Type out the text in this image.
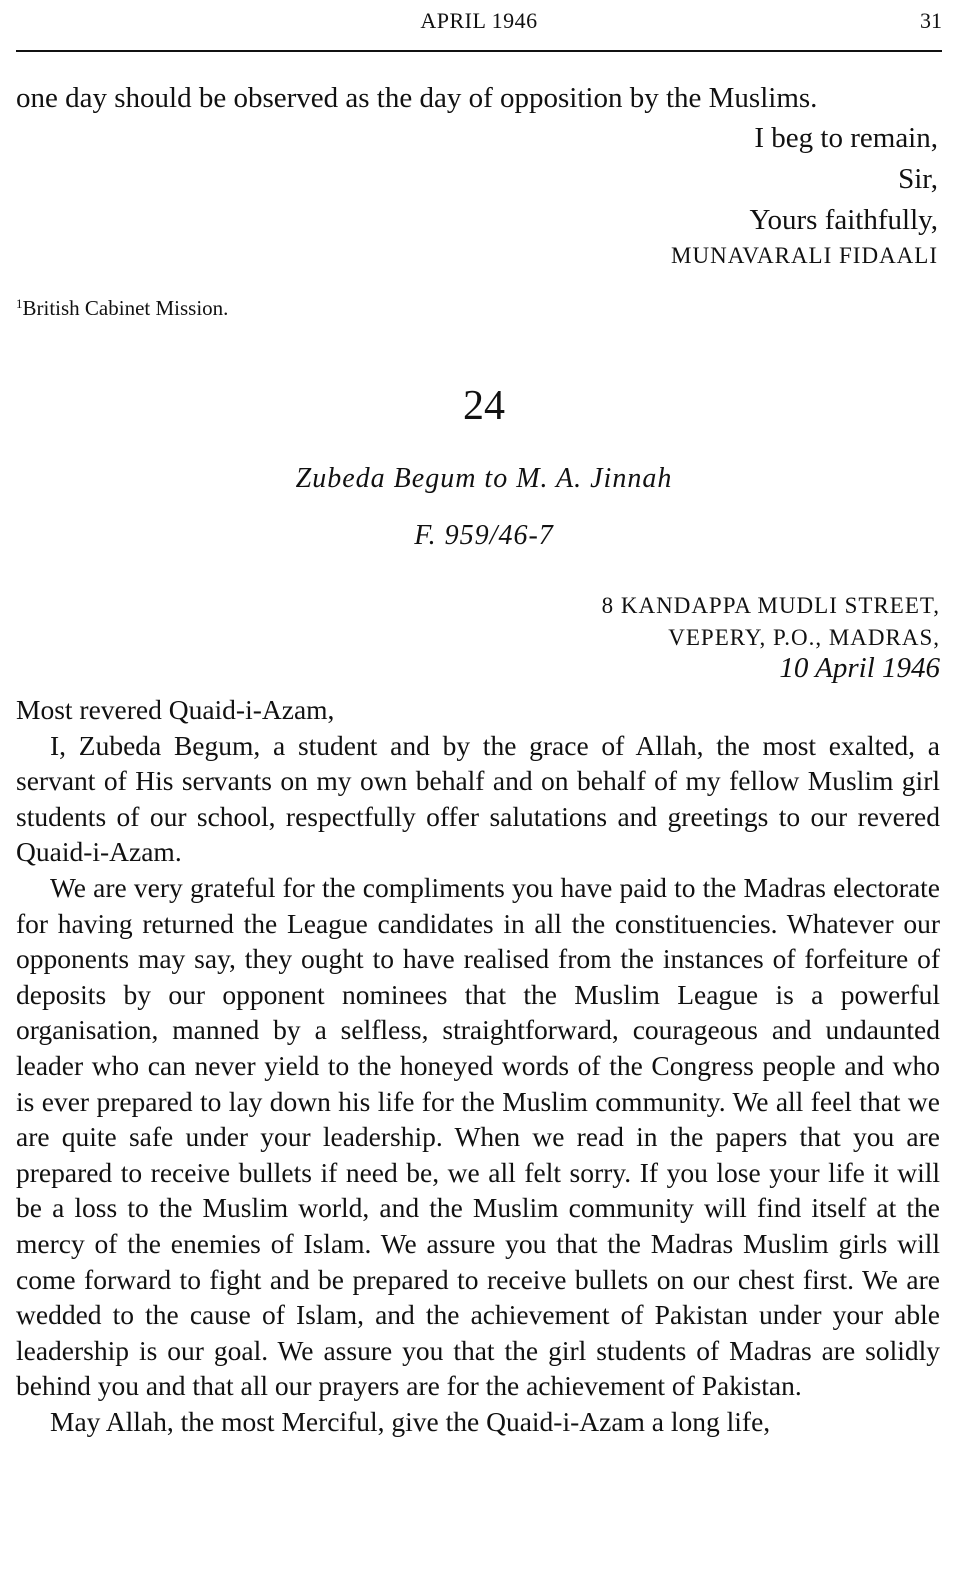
APRIL 1946	31
one day should be observed as the day of opposition by the Muslims.
I beg to remain,
Sir,
Yours faithfully,
MUNAVARALI FIDAALI
$^1$British Cabinet Mission.
24
Zubeda Begum to M. A. Jinnah
F. 959/46-7
8 KANDAPPA MUDLI STREET,
VEPERY, P.O., MADRAS,
10 April 1946

Most revered Quaid-i-Azam,

I, Zubeda Begum, a student and by the grace of Allah, the most exalted, a servant of His servants on my own behalf and on behalf of my fellow Muslim girl students of our school, respectfully offer salutations and greetings to our revered Quaid-i-Azam.

We are very grateful for the compliments you have paid to the Madras electorate for having returned the League candidates in all the constituencies. Whatever our opponents may say, they ought to have realised from the instances of forfeiture of deposits by our opponent nominees that the Muslim League is a powerful organisation, manned by a selfless, straightforward, courageous and undaunted leader who can never yield to the honeyed words of the Congress people and who is ever prepared to lay down his life for the Muslim community. We all feel that we are quite safe under your leadership. When we read in the papers that you are prepared to receive bullets if need be, we all felt sorry. If you lose your life it will be a loss to the Muslim world, and the Muslim community will find itself at the mercy of the enemies of Islam. We assure you that the Madras Muslim girls will come forward to fight and be prepared to receive bullets on our chest first. We are wedded to the cause of Islam, and the achievement of Pakistan under your able leadership is our goal. We assure you that the girl students of Madras are solidly behind you and that all our prayers are for the achievement of Pakistan.

May Allah, the most Merciful, give the Quaid-i-Azam a long life,
